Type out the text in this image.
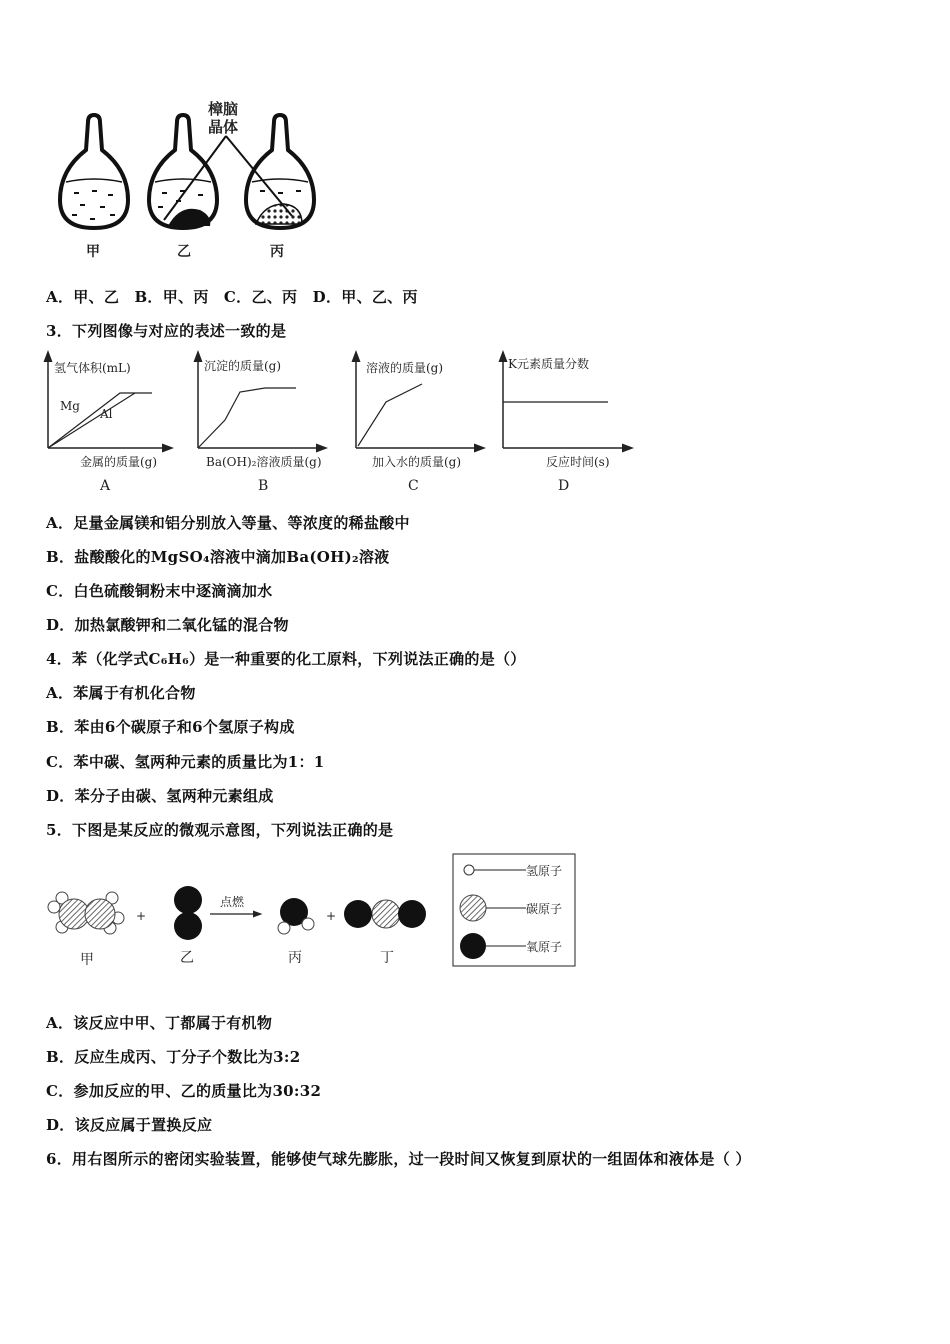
樟脑
晶体
甲	乙	丙
A．甲、乙　B．甲、丙　C．乙、丙　D．甲、乙、丙
3．下列图像与对应的表述一致的是
氢气体积(mL)
Mg
Al
金属的质量(g)
A
沉淀的质量(g)
Ba(OH)₂溶液质量(g)
B
溶液的质量(g)
加入水的质量(g)
C
K元素质量分数
反应时间(s)
D
A．足量金属镁和铝分别放入等量、等浓度的稀盐酸中
B．盐酸酸化的MgSO₄溶液中滴加Ba(OH)₂溶液
C．白色硫酸铜粉末中逐滴滴加水
D．加热氯酸钾和二氧化锰的混合物
4．苯（化学式C₆H₆）是一种重要的化工原料，下列说法正确的是（）
A．苯属于有机化合物
B．苯由6个碳原子和6个氢原子构成
C．苯中碳、氢两种元素的质量比为1：1
D．苯分子由碳、氢两种元素组成
5．下图是某反应的微观示意图，下列说法正确的是
+
点燃
+
甲	乙	丙	丁
氢原子
碳原子
氧原子
A．该反应中甲、丁都属于有机物
B．反应生成丙、丁分子个数比为3:2
C．参加反应的甲、乙的质量比为30:32
D．该反应属于置换反应
6．用右图所示的密闭实验装置，能够使气球先膨胀，过一段时间又恢复到原状的一组固体和液体是（ ）
